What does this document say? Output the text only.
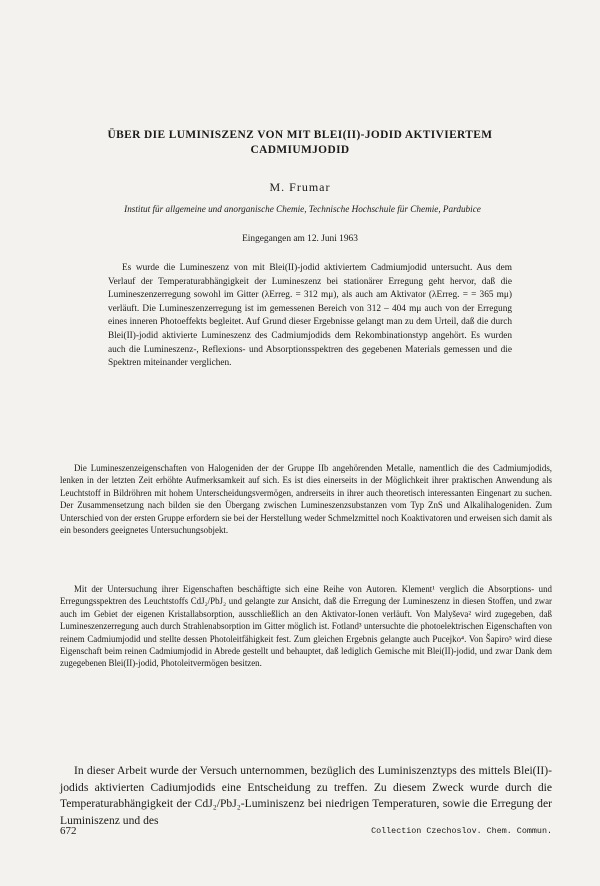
ÜBER DIE LUMINISZENZ VON MIT BLEI(II)-JODID AKTIVIERTEM
CADMIUMJODID
M. Frumar
Institut für allgemeine und anorganische Chemie, Technische Hochschule für Chemie, Pardubice
Eingegangen am 12. Juni 1963

Es wurde die Lumineszenz von mit Blei(II)-jodid aktiviertem Cadmiumjodid untersucht. Aus dem Verlauf der Temperaturabhängigkeit der Lumineszenz bei stationärer Erregung geht hervor, daß die Lumineszenzerregung sowohl im Gitter (λErreg. = 312 mμ), als auch am Aktivator (λErreg. = = 365 mμ) verläuft. Die Lumineszenzerregung ist im gemessenen Bereich von 312 – 404 mμ auch von der Erregung eines inneren Photoeffekts begleitet. Auf Grund dieser Ergebnisse gelangt man zu dem Urteil, daß die durch Blei(II)-jodid aktivierte Lumineszenz des Cadmiumjodids dem Rekombinationstyp angehört. Es wurden auch die Lumineszenz-, Reflexions- und Absorptionsspektren des gegebenen Materials gemessen und die Spektren miteinander verglichen.

Die Lumineszenzeigenschaften von Halogeniden der der Gruppe IIb angehörenden Metalle, namentlich die des Cadmiumjodids, lenken in der letzten Zeit erhöhte Aufmerksamkeit auf sich. Es ist dies einerseits in der Möglichkeit ihrer praktischen Anwendung als Leuchtstoff in Bildröhren mit hohem Unterscheidungsvermögen, andrerseits in ihrer auch theoretisch interessanten Eingenart zu suchen. Der Zusammensetzung nach bilden sie den Übergang zwischen Lumineszenzsubstanzen vom Typ ZnS und Alkalihalogeniden. Zum Unterschied von der ersten Gruppe erfordern sie bei der Herstellung weder Schmelzmittel noch Koaktivatoren und erweisen sich damit als ein besonders geeignetes Untersuchungsobjekt.

Mit der Untersuchung ihrer Eigenschaften beschäftigte sich eine Reihe von Autoren. Klement¹ verglich die Absorptions- und Erregungsspektren des Leuchtstoffs CdJ₂/PbJ₂ und gelangte zur Ansicht, daß die Erregung der Lumineszenz in diesen Stoffen, und zwar auch im Gebiet der eigenen Kristallabsorption, ausschließlich an den Aktivator-Ionen verläuft. Von Malyševa² wird zugegeben, daß Lumineszenzerregung auch durch Strahlenabsorption im Gitter möglich ist. Fotland³ untersuchte die photoelektrischen Eigenschaften von reinem Cadmiumjodid und stellte dessen Photoleitfähigkeit fest. Zum gleichen Ergebnis gelangte auch Pucejko⁴. Von Šapiro⁵ wird diese Eigenschaft beim reinen Cadmiumjodid in Abrede gestellt und behauptet, daß lediglich Gemische mit Blei(II)-jodid, und zwar Dank dem zugegebenen Blei(II)-jodid, Photoleitvermögen besitzen.

In dieser Arbeit wurde der Versuch unternommen, bezüglich des Luminiszenztyps des mittels Blei(II)-jodids aktivierten Cadiumjodids eine Entscheidung zu treffen. Zu diesem Zweck wurde durch die Temperaturabhängigkeit der CdJ₂/PbJ₂-Luminiszenz bei niedrigen Temperaturen, sowie die Erregung der Luminiszenz und des

672	Collection Czechoslov. Chem. Commun.
